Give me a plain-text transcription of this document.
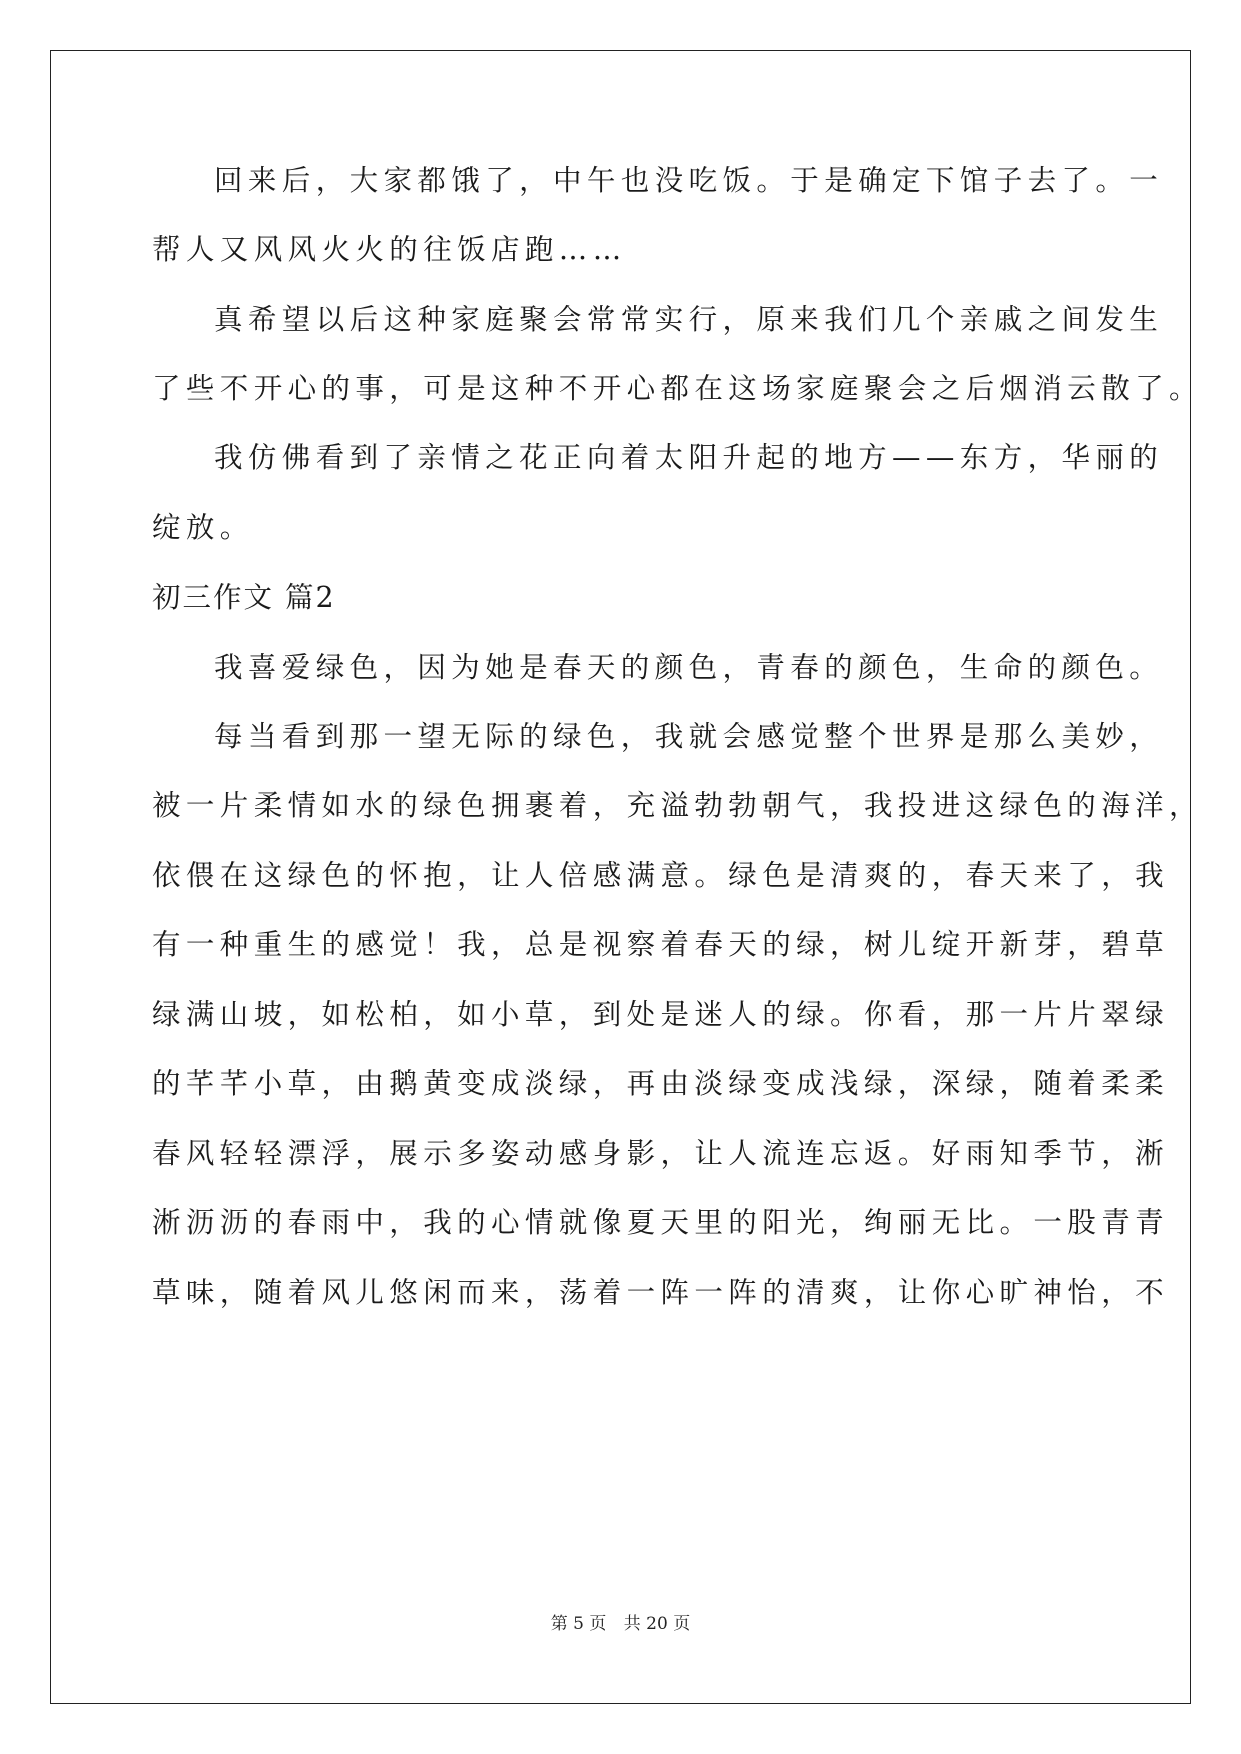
回来后，大家都饿了，中午也没吃饭。于是确定下馆子去了。一
帮人又风风火火的往饭店跑……
真希望以后这种家庭聚会常常实行，原来我们几个亲戚之间发生
了些不开心的事，可是这种不开心都在这场家庭聚会之后烟消云散了。
我仿佛看到了亲情之花正向着太阳升起的地方——东方，华丽的
绽放。
初三作文 篇2
我喜爱绿色，因为她是春天的颜色，青春的颜色，生命的颜色。
每当看到那一望无际的绿色，我就会感觉整个世界是那么美妙，
被一片柔情如水的绿色拥裹着，充溢勃勃朝气，我投进这绿色的海洋，
依偎在这绿色的怀抱，让人倍感满意。绿色是清爽的，春天来了，我
有一种重生的感觉！我，总是视察着春天的绿，树儿绽开新芽，碧草
绿满山坡，如松柏，如小草，到处是迷人的绿。你看，那一片片翠绿
的芊芊小草，由鹅黄变成淡绿，再由淡绿变成浅绿，深绿，随着柔柔
春风轻轻漂浮，展示多姿动感身影，让人流连忘返。好雨知季节，淅
淅沥沥的春雨中，我的心情就像夏天里的阳光，绚丽无比。一股青青
草味，随着风儿悠闲而来，荡着一阵一阵的清爽，让你心旷神怡，不
第 5 页 共 20 页
